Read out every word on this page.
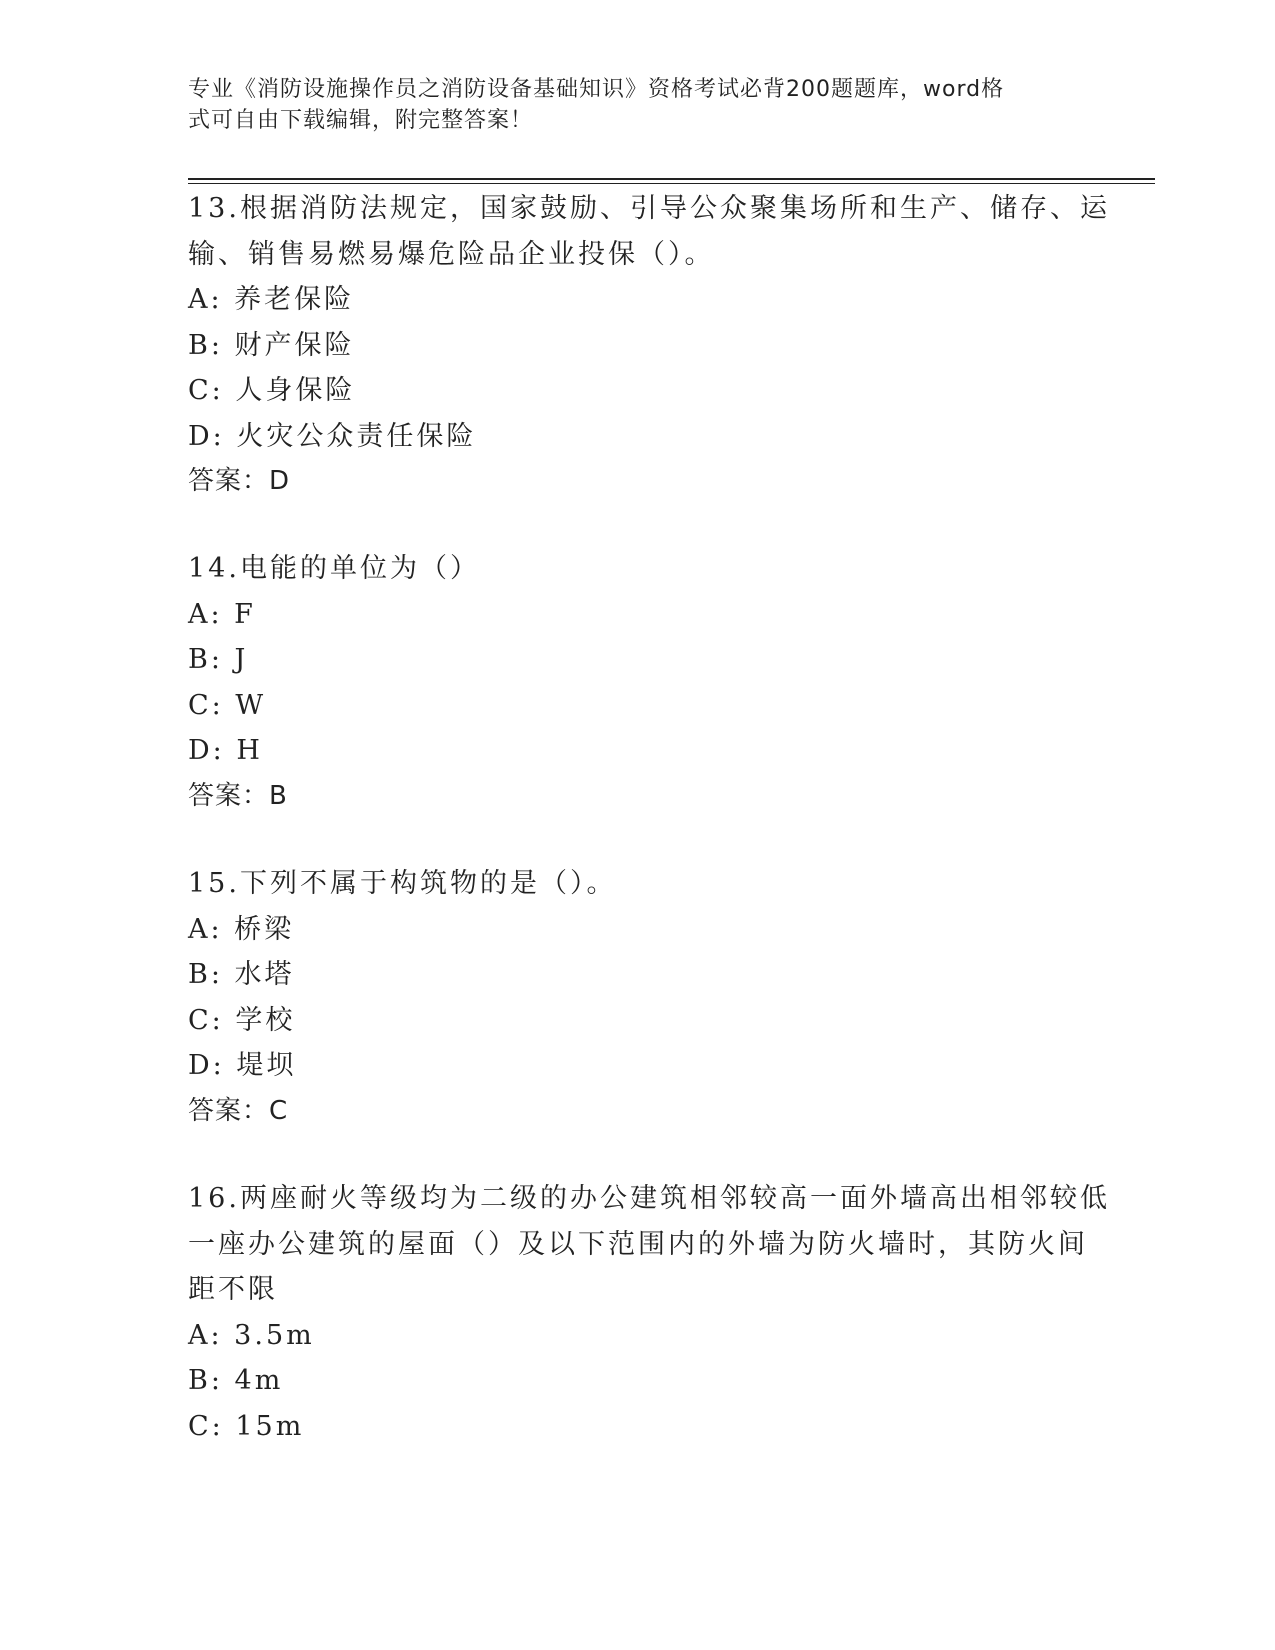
专业《消防设施操作员之消防设备基础知识》资格考试必背200题题库，word格
式可自由下载编辑，附完整答案！
13.根据消防法规定，国家鼓励、引导公众聚集场所和生产、储存、运
输、销售易燃易爆危险品企业投保（）。
A: 养老保险
B: 财产保险
C: 人身保险
D: 火灾公众责任保险
答案：D
14.电能的单位为（）
A: F
B: J
C: W
D: H
答案：B
15.下列不属于构筑物的是（）。
A: 桥梁
B: 水塔
C: 学校
D: 堤坝
答案：C
16.两座耐火等级均为二级的办公建筑相邻较高一面外墙高出相邻较低
一座办公建筑的屋面（）及以下范围内的外墙为防火墙时，其防火间
距不限
A: 3.5m
B: 4m
C: 15m
